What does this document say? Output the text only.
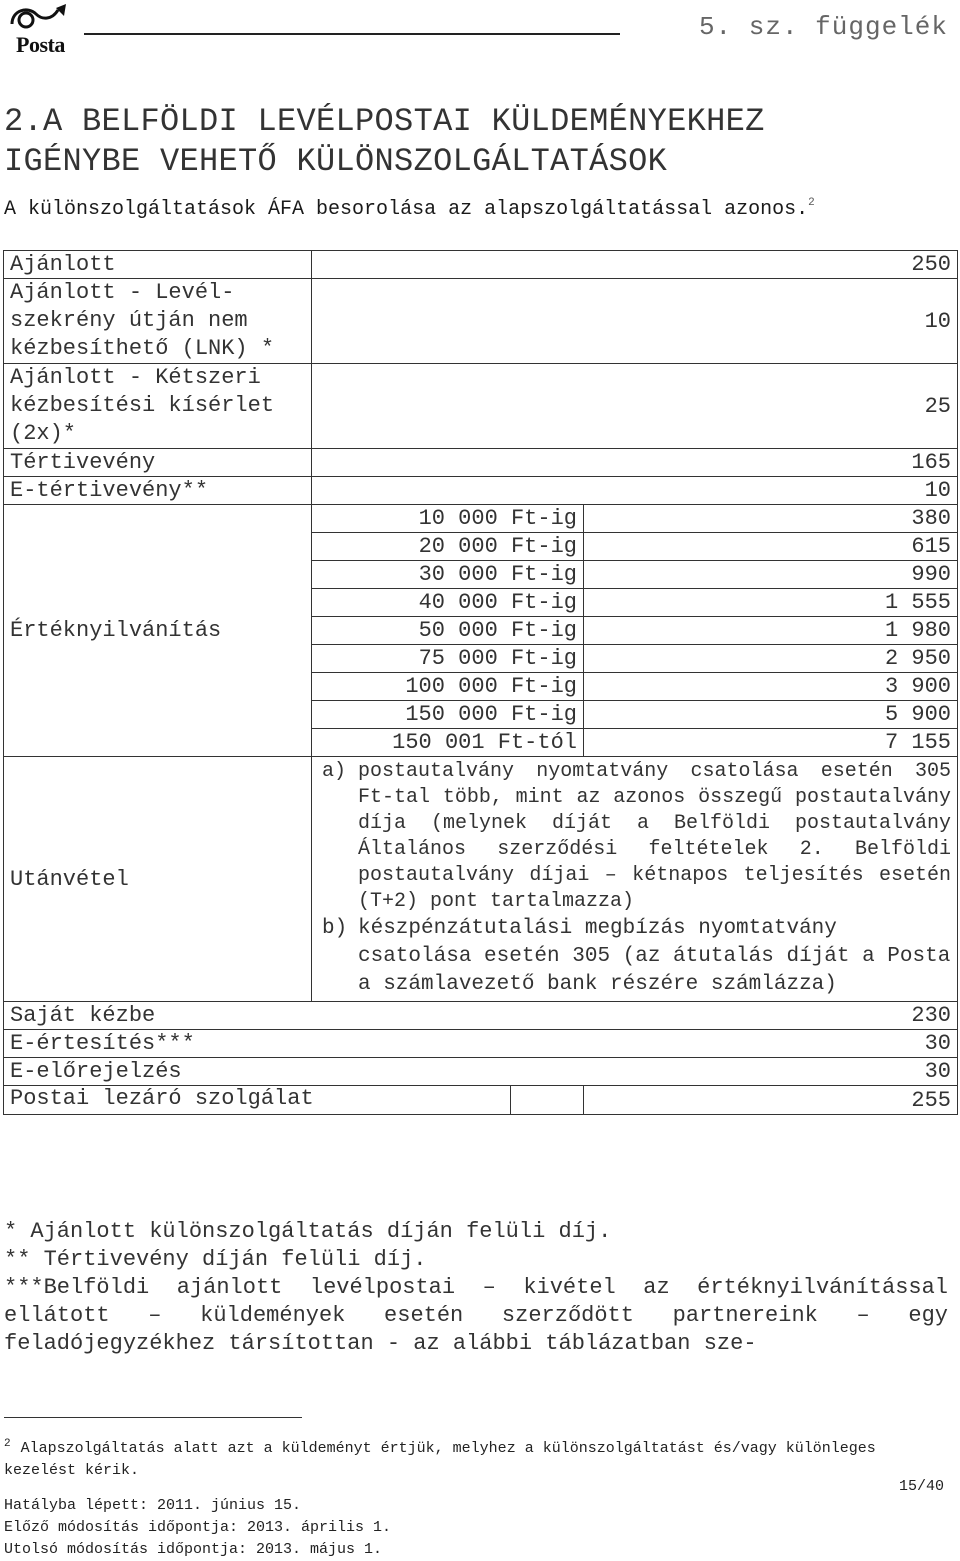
Posta
5. sz. függelék
2.A BELFÖLDI LEVÉLPOSTAI KÜLDEMÉNYEKHEZ
IGÉNYBE VEHETŐ KÜLÖNSZOLGÁLTATÁSOK
A különszolgáltatások ÁFA besorolása az alapszolgáltatással azonos.$^2$
Ajánlott	250	

Ajánlott - Levél-
szekrény útján nem
kézbesíthető (LNK) *	10	

Ajánlott - Kétszeri
kézbesítési kísérlet
(2x)*	25	
Tértivevény	165	
E-tértivevény**	10	
Értéknyilvánítás	10 000 Ft-ig	380
	20 000 Ft-ig	615
	30 000 Ft-ig	990
	40 000 Ft-ig	1 555
	50 000 Ft-ig	1 980
	75 000 Ft-ig	2 950
	100 000 Ft-ig	3 900
	150 000 Ft-ig	5 900
	150 001 Ft-tól	7 155
Utánvétel	a) postautalvány nyomtatvány csatolása esetén 305 Ft-tal több, mint az azonos összegű postautalvány díja (melynek díját a Belföldi postautalvány Általános szerződési feltételek 2. Belföldi postautalvány díjai – kétnapos teljesítés esetén (T+2) pont tartalmazza)
b) készpénzátutalási megbízás nyomtatvány csatolása esetén 305 (az átutalás díját a Posta a számlavezető bank részére számlázza)	

Saját kézbe	230	
E-értesítés***	30	
E-előrejelzés	30	

Postai lezáró szolgálat		255

* Ajánlott különszolgáltatás díján felüli díj.

** Tértivevény díján felüli díj.

***Belföldi ajánlott levélpostai – kivétel az értéknyilvánítással ellátott – küldemények esetén szerződött partnereink – egy feladójegyzékhez társítottan - az alábbi táblázatban sze-

$^2$ Alapszolgáltatás alatt azt a küldeményt értjük, melyhez a különszolgáltatást és/vagy különleges kezelést kérik.
15/40
Hatályba lépett: 2011. június 15.
Előző módosítás időpontja: 2013. április 1.
Utolsó módosítás időpontja: 2013. május 1.
